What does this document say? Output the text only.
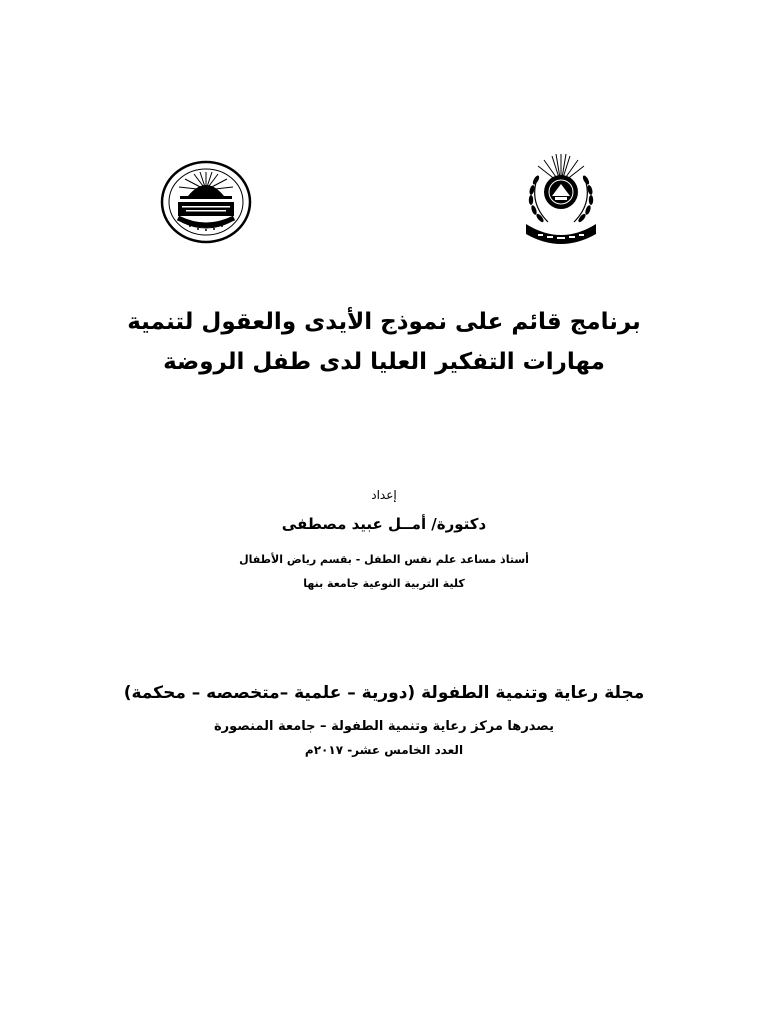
برنامج قائم على نموذج الأيدى والعقول لتنمية
مهارات التفكير العليا لدى طفل الروضة
إعداد
دكتورة/ أمــل عبيد مصطفى
أستاذ مساعد علم نفس الطفل - بقسم رياض الأطفال
كلية التربية النوعية جامعة بنها
مجلة رعاية وتنمية الطفولة (دورية – علمية –متخصصه – محكمة)
يصدرها مركز رعاية وتنمية الطفولة – جامعة المنصورة
العدد الخامس عشر- ٢٠١٧م
